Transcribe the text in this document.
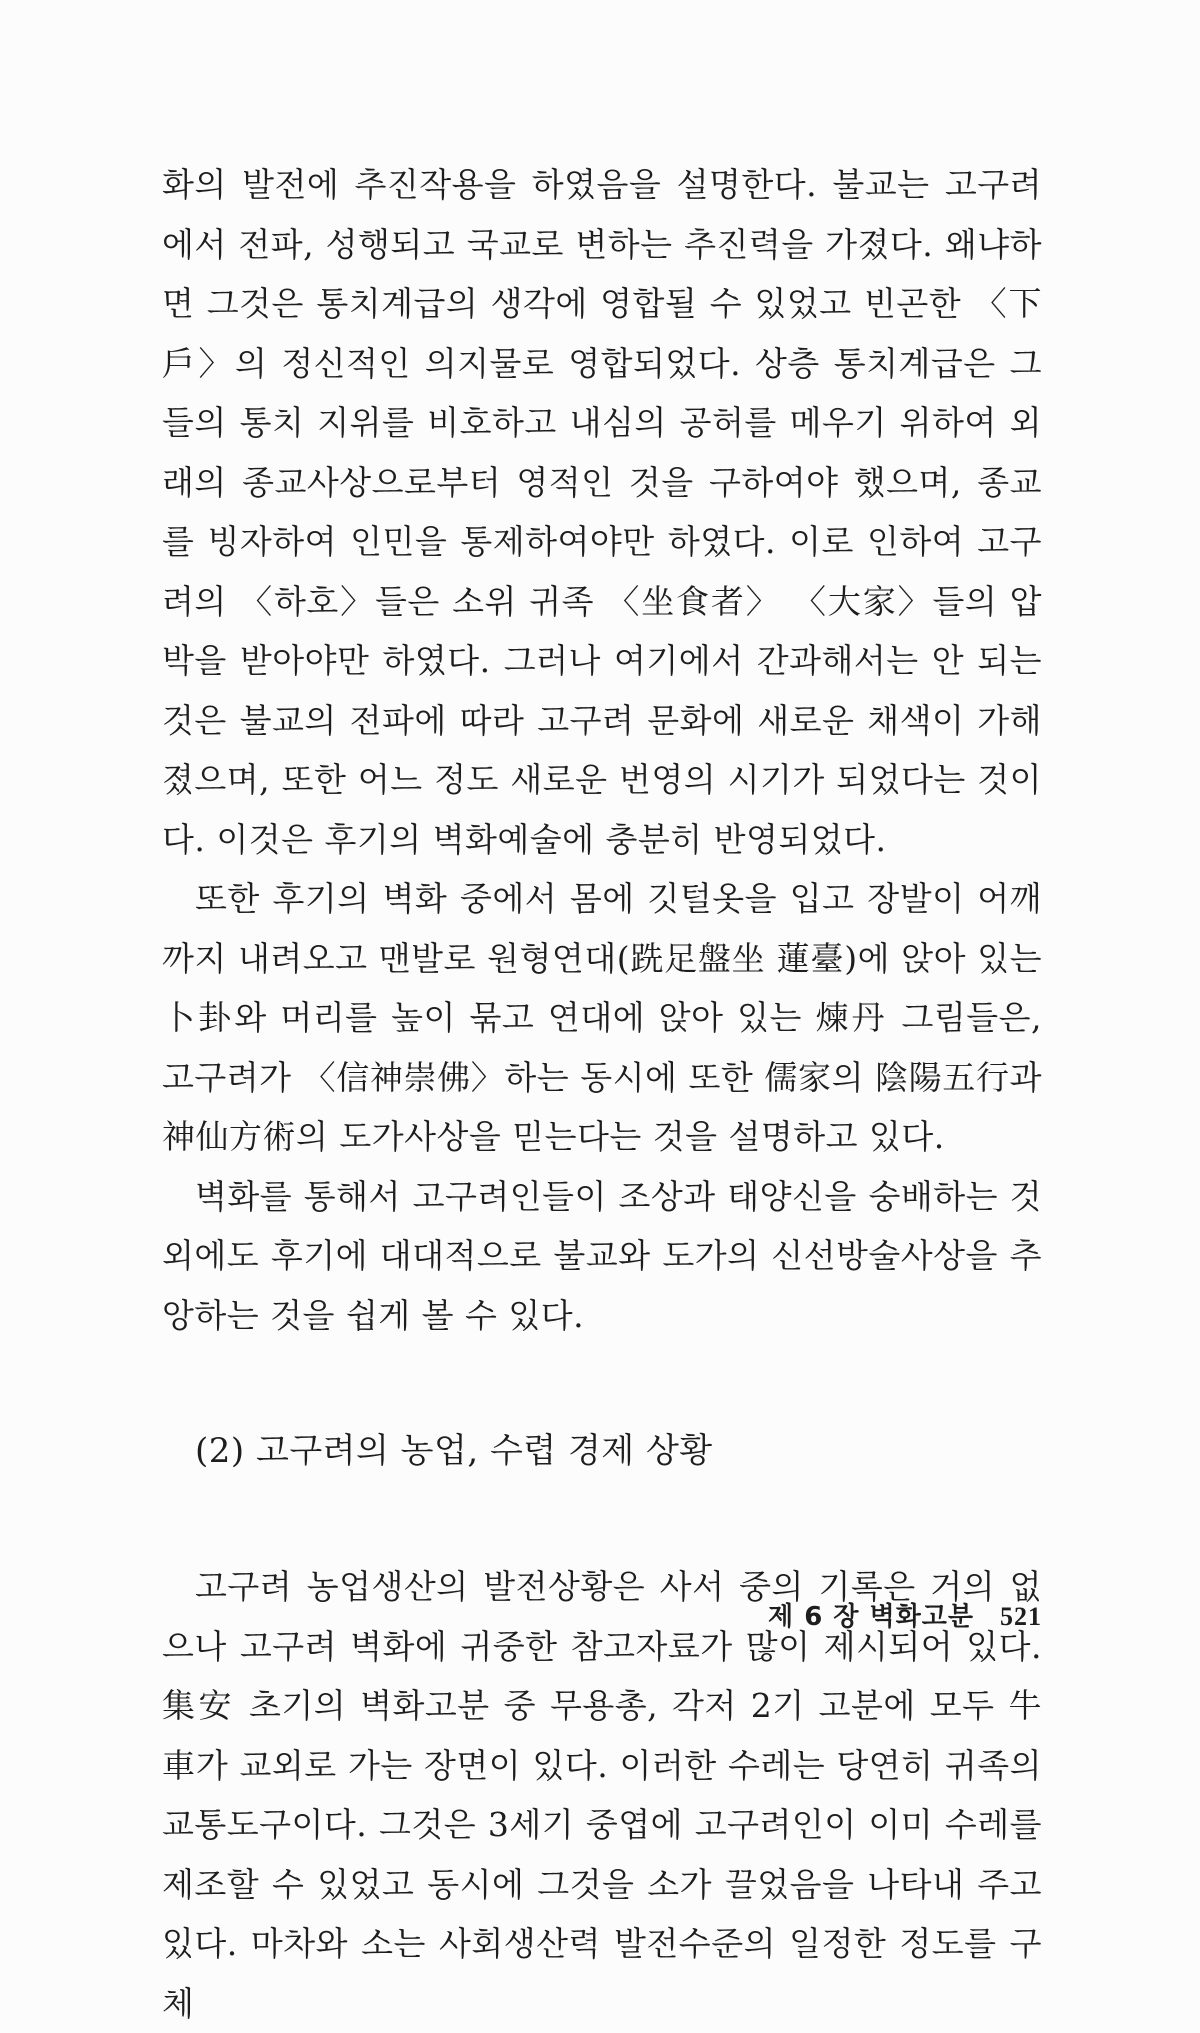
화의 발전에 추진작용을 하였음을 설명한다. 불교는 고구려에서 전파, 성행되고 국교로 변하는 추진력을 가졌다. 왜냐하면 그것은 통치계급의 생각에 영합될 수 있었고 빈곤한 〈下戶〉의 정신적인 의지물로 영합되었다. 상층 통치계급은 그들의 통치 지위를 비호하고 내심의 공허를 메우기 위하여 외래의 종교사상으로부터 영적인 것을 구하여야 했으며, 종교를 빙자하여 인민을 통제하여야만 하였다. 이로 인하여 고구려의 〈하호〉들은 소위 귀족 〈坐食者〉 〈大家〉들의 압박을 받아야만 하였다. 그러나 여기에서 간과해서는 안 되는 것은 불교의 전파에 따라 고구려 문화에 새로운 채색이 가해졌으며, 또한 어느 정도 새로운 번영의 시기가 되었다는 것이다. 이것은 후기의 벽화예술에 충분히 반영되었다.

또한 후기의 벽화 중에서 몸에 깃털옷을 입고 장발이 어깨까지 내려오고 맨발로 원형연대(跣足盤坐 蓮臺)에 앉아 있는 卜卦와 머리를 높이 묶고 연대에 앉아 있는 煉丹 그림들은, 고구려가 〈信神崇佛〉하는 동시에 또한 儒家의 陰陽五行과 神仙方術의 도가사상을 믿는다는 것을 설명하고 있다.

벽화를 통해서 고구려인들이 조상과 태양신을 숭배하는 것 외에도 후기에 대대적으로 불교와 도가의 신선방술사상을 추앙하는 것을 쉽게 볼 수 있다.

(2) 고구려의 농업, 수렵 경제 상황

고구려 농업생산의 발전상황은 사서 중의 기록은 거의 없으나 고구려 벽화에 귀중한 참고자료가 많이 제시되어 있다. 集安 초기의 벽화고분 중 무용총, 각저 2기 고분에 모두 牛車가 교외로 가는 장면이 있다. 이러한 수레는 당연히 귀족의 교통도구이다. 그것은 3세기 중엽에 고구려인이 이미 수레를 제조할 수 있었고 동시에 그것을 소가 끌었음을 나타내 주고 있다. 마차와 소는 사회생산력 발전수준의 일정한 정도를 구체

제 6 장 벽화고분 521
